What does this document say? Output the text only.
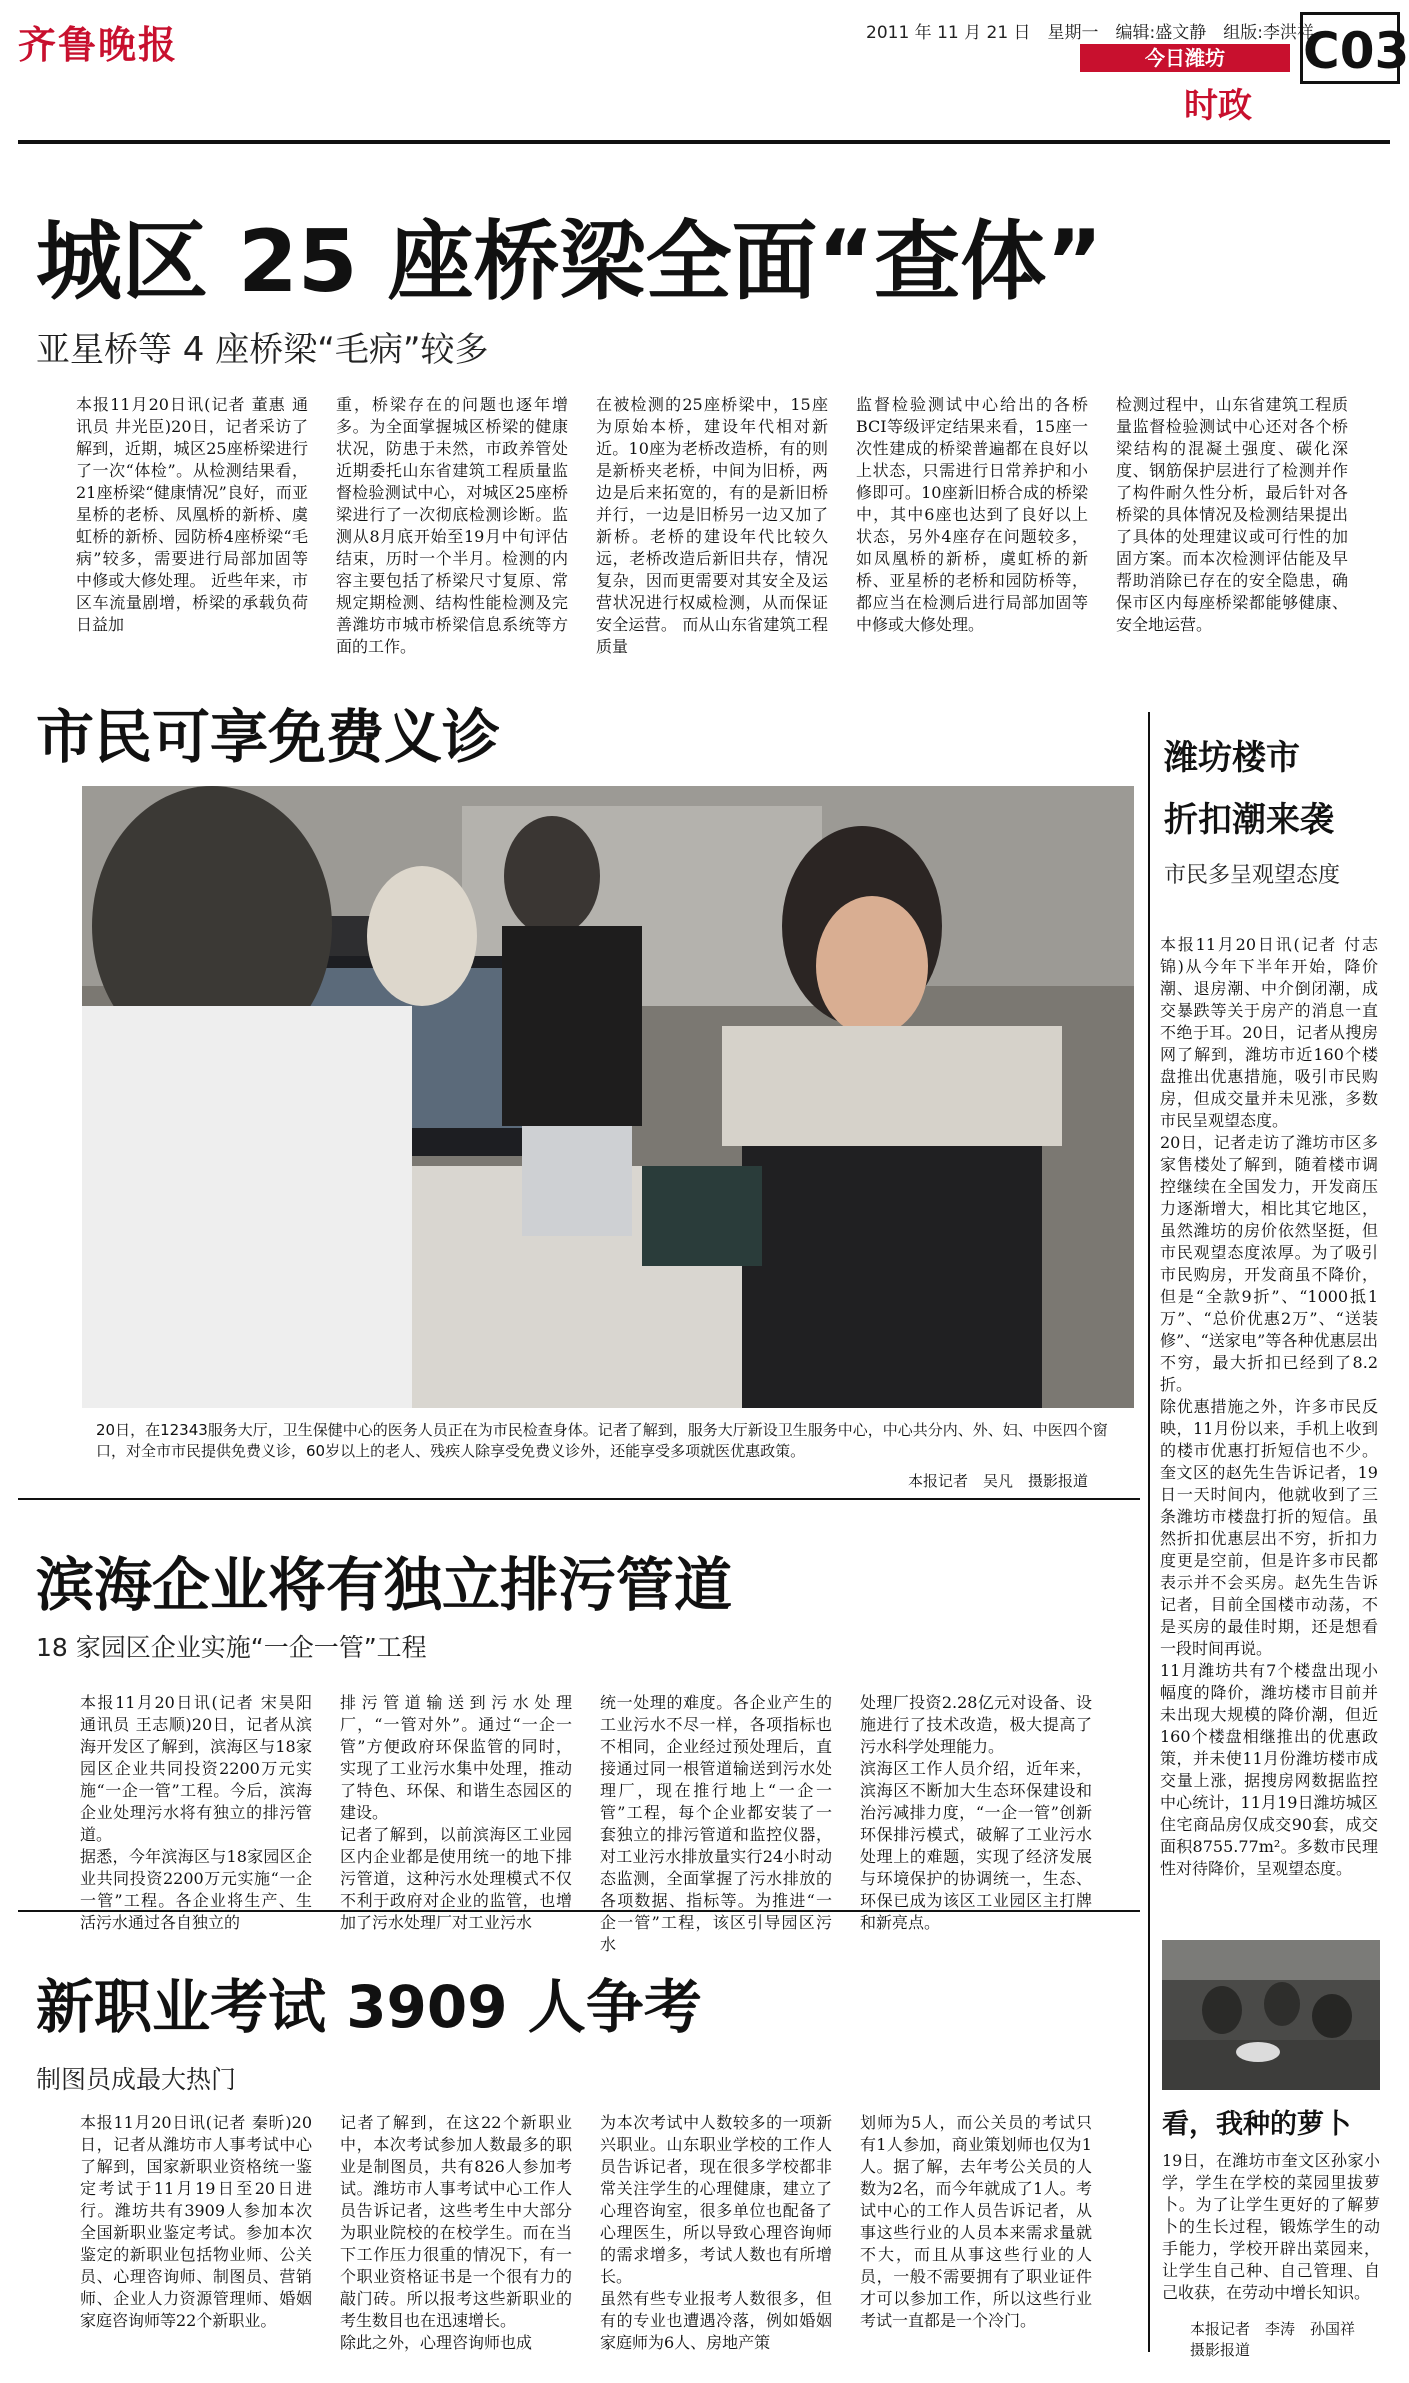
齐鲁晚报	2011 年 11 月 21 日　星期一　编辑:盛文静　组版:李洪祥
今日潍坊
时政
C03
城区 25 座桥梁全面“查体”
亚星桥等 4 座桥梁“毛病”较多
本报11月20日讯(记者 董惠 通讯员 井光臣)20日，记者采访了解到，近期，城区25座桥梁进行了一次“体检”。从检测结果看，21座桥梁“健康情况”良好，而亚星桥的老桥、凤凰桥的新桥、虞虹桥的新桥、园防桥4座桥梁“毛病”较多，需要进行局部加固等中修或大修处理。 近些年来，市区车流量剧增，桥梁的承载负荷日益加
重，桥梁存在的问题也逐年增多。为全面掌握城区桥梁的健康状况，防患于未然，市政养管处近期委托山东省建筑工程质量监督检验测试中心，对城区25座桥梁进行了一次彻底检测诊断。监测从8月底开始至19月中旬评估结束，历时一个半月。检测的内容主要包括了桥梁尺寸复原、常规定期检测、结构性能检测及完善潍坊市城市桥梁信息系统等方面的工作。
在被检测的25座桥梁中，15座为原始本桥，建设年代相对新近。10座为老桥改造桥，有的则是新桥夹老桥，中间为旧桥，两边是后来拓宽的，有的是新旧桥并行，一边是旧桥另一边又加了新桥。老桥的建设年代比较久远，老桥改造后新旧共存，情况复杂，因而更需要对其安全及运营状况进行权威检测，从而保证安全运营。 而从山东省建筑工程质量
监督检验测试中心给出的各桥BCI等级评定结果来看，15座一次性建成的桥梁普遍都在良好以上状态，只需进行日常养护和小修即可。10座新旧桥合成的桥梁中，其中6座也达到了良好以上状态，另外4座存在问题较多，如凤凰桥的新桥，虞虹桥的新桥、亚星桥的老桥和园防桥等，都应当在检测后进行局部加固等中修或大修处理。
检测过程中，山东省建筑工程质量监督检验测试中心还对各个桥梁结构的混凝土强度、碳化深度、钢筋保护层进行了检测并作了构件耐久性分析，最后针对各桥梁的具体情况及检测结果提出了具体的处理建议或可行性的加固方案。而本次检测评估能及早帮助消除已存在的安全隐患，确保市区内每座桥梁都能够健康、安全地运营。
市民可享免费义诊
20日，在12343服务大厅，卫生保健中心的医务人员正在为市民检查身体。记者了解到，服务大厅新设卫生服务中心，中心共分内、外、妇、中医四个窗口，对全市市民提供免费义诊，60岁以上的老人、残疾人除享受免费义诊外，还能享受多项就医优惠政策。
本报记者　吴凡　摄影报道
潍坊楼市
折扣潮来袭
市民多呈观望态度
本报11月20日讯(记者 付志锦)从今年下半年开始，降价潮、退房潮、中介倒闭潮，成交暴跌等关于房产的消息一直不绝于耳。20日，记者从搜房网了解到，潍坊市近160个楼盘推出优惠措施，吸引市民购房，但成交量并未见涨，多数市民呈观望态度。
20日，记者走访了潍坊市区多家售楼处了解到，随着楼市调控继续在全国发力，开发商压力逐渐增大，相比其它地区，虽然潍坊的房价依然坚挺，但市民观望态度浓厚。为了吸引市民购房，开发商虽不降价，但是“全款9折”、“1000抵1万”、“总价优惠2万”、“送装修”、“送家电”等各种优惠层出不穷，最大折扣已经到了8.2折。
除优惠措施之外，许多市民反映，11月份以来，手机上收到的楼市优惠打折短信也不少。奎文区的赵先生告诉记者，19日一天时间内，他就收到了三条潍坊市楼盘打折的短信。虽然折扣优惠层出不穷，折扣力度更是空前，但是许多市民都表示并不会买房。赵先生告诉记者，目前全国楼市动荡，不是买房的最佳时期，还是想看一段时间再说。
11月潍坊共有7个楼盘出现小幅度的降价，潍坊楼市目前并未出现大规模的降价潮，但近160个楼盘相继推出的优惠政策，并未使11月份潍坊楼市成交量上涨，据搜房网数据监控中心统计，11月19日潍坊城区住宅商品房仅成交90套，成交面积8755.77m²。多数市民理性对待降价，呈观望态度。
滨海企业将有独立排污管道
18 家园区企业实施“一企一管”工程
本报11月20日讯(记者 宋昊阳 通讯员 王志顺)20日，记者从滨海开发区了解到，滨海区与18家园区企业共同投资2200万元实施“一企一管”工程。今后，滨海企业处理污水将有独立的排污管道。
据悉，今年滨海区与18家园区企业共同投资2200万元实施“一企一管”工程。各企业将生产、生活污水通过各自独立的
排污管道输送到污水处理厂，“一管对外”。通过“一企一管”方便政府环保监管的同时，实现了工业污水集中处理，推动了特色、环保、和谐生态园区的建设。
记者了解到，以前滨海区工业园区内企业都是使用统一的地下排污管道，这种污水处理模式不仅不利于政府对企业的监管，也增加了污水处理厂对工业污水
统一处理的难度。各企业产生的工业污水不尽一样，各项指标也不相同，企业经过预处理后，直接通过同一根管道输送到污水处理厂，现在推行地上“一企一管”工程，每个企业都安装了一套独立的排污管道和监控仪器，对工业污水排放量实行24小时动态监测，全面掌握了污水排放的各项数据、指标等。为推进“一企一管”工程，该区引导园区污水
处理厂投资2.28亿元对设备、设施进行了技术改造，极大提高了污水科学处理能力。
滨海区工作人员介绍，近年来，滨海区不断加大生态环保建设和治污减排力度，“一企一管”创新环保排污模式，破解了工业污水处理上的难题，实现了经济发展与环境保护的协调统一，生态、环保已成为该区工业园区主打牌和新亮点。
新职业考试 3909 人争考
制图员成最大热门
本报11月20日讯(记者 秦昕)20日，记者从潍坊市人事考试中心了解到，国家新职业资格统一鉴定考试于11月19日至20日进行。潍坊共有3909人参加本次全国新职业鉴定考试。参加本次鉴定的新职业包括物业师、公关员、心理咨询师、制图员、营销师、企业人力资源管理师、婚姻家庭咨询师等22个新职业。
记者了解到，在这22个新职业中，本次考试参加人数最多的职业是制图员，共有826人参加考试。潍坊市人事考试中心工作人员告诉记者，这些考生中大部分为职业院校的在校学生。而在当下工作压力很重的情况下，有一个职业资格证书是一个很有力的敲门砖。所以报考这些新职业的考生数目也在迅速增长。
除此之外，心理咨询师也成
为本次考试中人数较多的一项新兴职业。山东职业学校的工作人员告诉记者，现在很多学校都非常关注学生的心理健康，建立了心理咨询室，很多单位也配备了心理医生，所以导致心理咨询师的需求增多，考试人数也有所增长。
虽然有些专业报考人数很多，但有的专业也遭遇冷落，例如婚姻家庭师为6人、房地产策
划师为5人，而公关员的考试只有1人参加，商业策划师也仅为1人。据了解，去年考公关员的人数为2名，而今年就成了1人。考试中心的工作人员告诉记者，从事这些行业的人员本来需求量就不大，而且从事这些行业的人员，一般不需要拥有了职业证件才可以参加工作，所以这些行业考试一直都是一个冷门。
看，我种的萝卜
19日，在潍坊市奎文区孙家小学，学生在学校的菜园里拔萝卜。为了让学生更好的了解萝卜的生长过程，锻炼学生的动手能力，学校开辟出菜园来，让学生自己种、自己管理、自己收获，在劳动中增长知识。
本报记者　李涛　孙国祥　摄影报道
